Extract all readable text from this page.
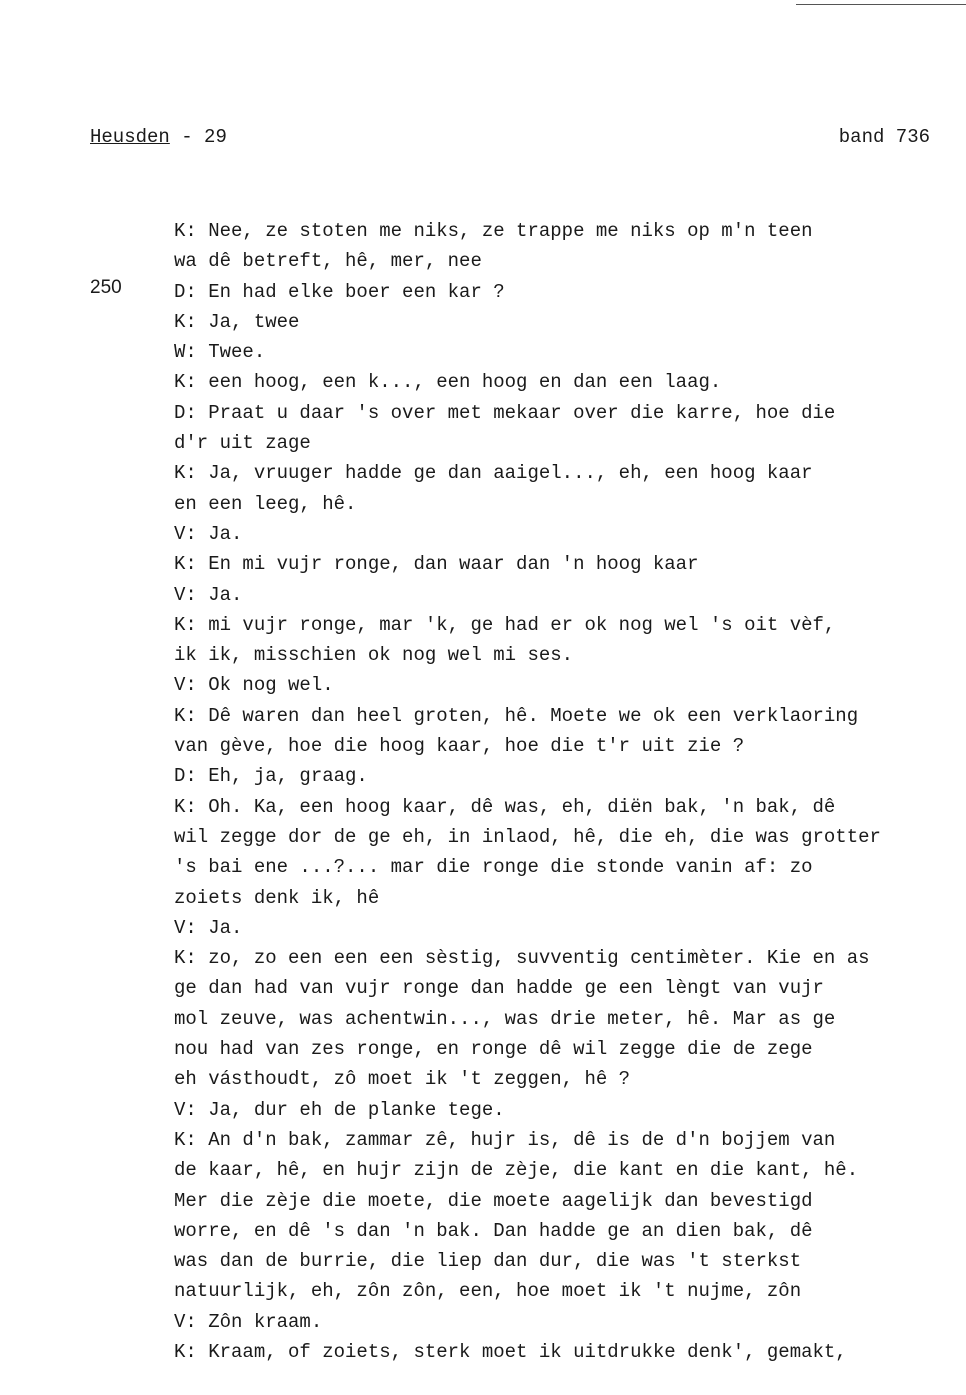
Heusden - 29	band 736
250
K: Nee, ze stoten me niks, ze trappe me niks op m'n teen
wa dê betreft, hê, mer, nee
D: En had elke boer een kar ?
K: Ja, twee
W: Twee.
K: een hoog, een k..., een hoog en dan een laag.
D: Praat u daar 's over met mekaar over die karre, hoe die
d'r uit zage
K: Ja, vruuger hadde ge dan aaigel..., eh, een hoog kaar
en een leeg, hê.
V: Ja.
K: En mi vujr ronge, dan waar dan 'n hoog kaar
V: Ja.
K: mi vujr ronge, mar 'k, ge had er ok nog wel 's oit vèf,
ik ik, misschien ok nog wel mi ses.
V: Ok nog wel.
K: Dê waren dan heel groten, hê. Moete we ok een verklaoring
van gève, hoe die hoog kaar, hoe die t'r uit zie ?
D: Eh, ja, graag.
K: Oh. Ka, een hoog kaar, dê was, eh, diën bak, 'n bak, dê
wil zegge dor de ge eh, in inlaod, hê, die eh, die was grotter
's bai ene ...?... mar die ronge die stonde vanin af: zo
zoiets denk ik, hê
V: Ja.
K: zo, zo een een een sèstig, suvventig centimèter. Kie en as
ge dan had van vujr ronge dan hadde ge een lèngt van vujr
mol zeuve, was achentwin..., was drie meter, hê. Mar as ge
nou had van zes ronge, en ronge dê wil zegge die de zege
eh vásthoudt, zô moet ik 't zeggen, hê ?
V: Ja, dur eh de planke tege.
K: An d'n bak, zammar zê, hujr is, dê is de d'n bojjem van
de kaar, hê, en hujr zijn de zèje, die kant en die kant, hê.
Mer die zèje die moete, die moete aagelijk dan bevestigd
worre, en dê 's dan 'n bak. Dan hadde ge an dien bak, dê
was dan de burrie, die liep dan dur, die was 't sterkst
natuurlijk, eh, zôn zôn, een, hoe moet ik 't nujme, zôn
V: Zôn kraam.
K: Kraam, of zoiets, sterk moet ik uitdrukke denk', gemakt,
